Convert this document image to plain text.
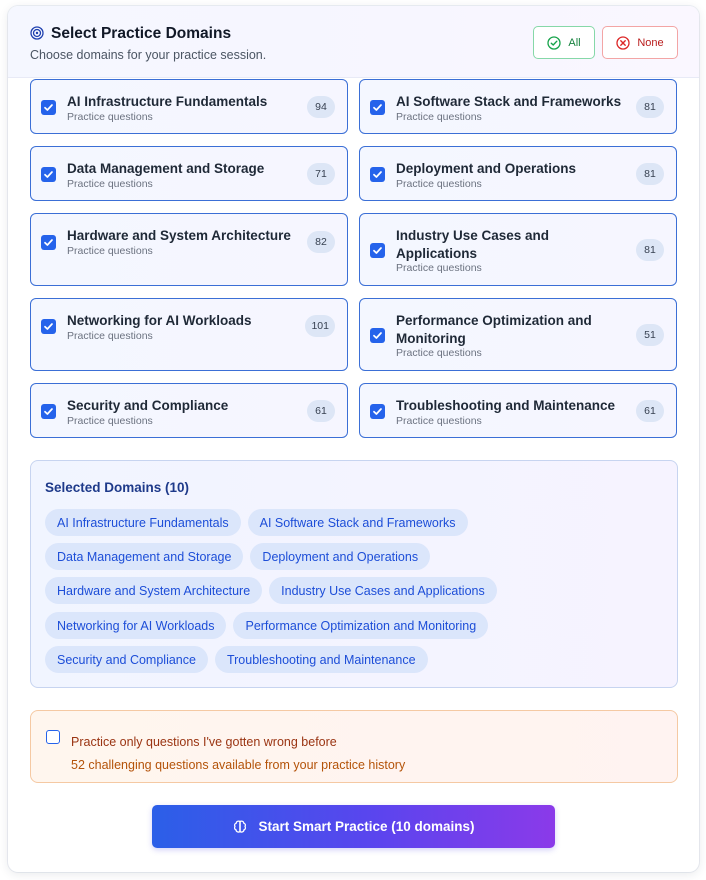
Select Practice Domains
Choose domains for your practice session.
All	None
AI Infrastructure Fundamentals
Practice questions
94	AI Software Stack and Frameworks
Practice questions
81
Data Management and Storage
Practice questions
71	Deployment and Operations
Practice questions
81
Hardware and System Architecture
Practice questions
82	Industry Use Cases and Applications
Practice questions
81
Networking for AI Workloads
Practice questions
101	Performance Optimization and Monitoring
Practice questions
51
Security and Compliance
Practice questions
61	Troubleshooting and Maintenance
Practice questions
61
Selected Domains (10)
AI Infrastructure Fundamentals	AI Software Stack and Frameworks
Data Management and Storage	Deployment and Operations
Hardware and System Architecture	Industry Use Cases and Applications
Networking for AI Workloads	Performance Optimization and Monitoring
Security and Compliance	Troubleshooting and Maintenance
Practice only questions I've gotten wrong before
52 challenging questions available from your practice history
Start Smart Practice (10 domains)
